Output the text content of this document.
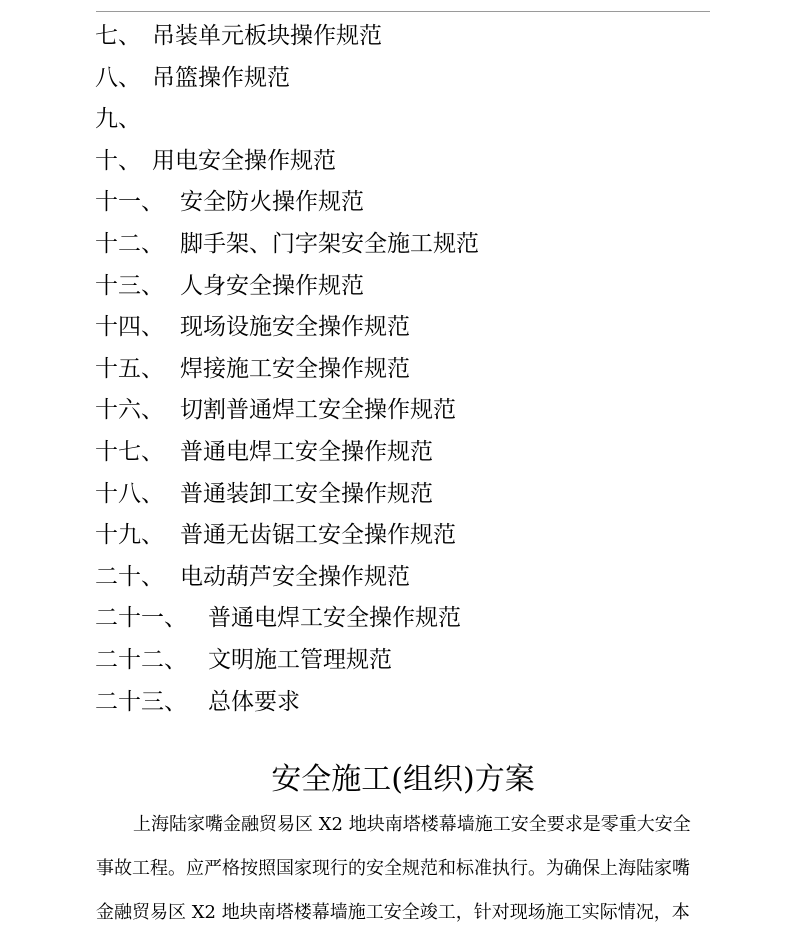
七、 吊装单元板块操作规范
八、 吊篮操作规范
九、
十、 用电安全操作规范
十一、 安全防火操作规范
十二、 脚手架、门字架安全施工规范
十三、 人身安全操作规范
十四、 现场设施安全操作规范
十五、 焊接施工安全操作规范
十六、 切割普通焊工安全操作规范
十七、 普通电焊工安全操作规范
十八、 普通装卸工安全操作规范
十九、 普通无齿锯工安全操作规范
二十、 电动葫芦安全操作规范
二十一、 普通电焊工安全操作规范
二十二、 文明施工管理规范
二十三、 总体要求
安全施工(组织)方案
上海陆家嘴金融贸易区 X2 地块南塔楼幕墙施工安全要求是零重大安全
事故工程。应严格按照国家现行的安全规范和标准执行。为确保上海陆家嘴
金融贸易区 X2 地块南塔楼幕墙施工安全竣工，针对现场施工实际情况，本
